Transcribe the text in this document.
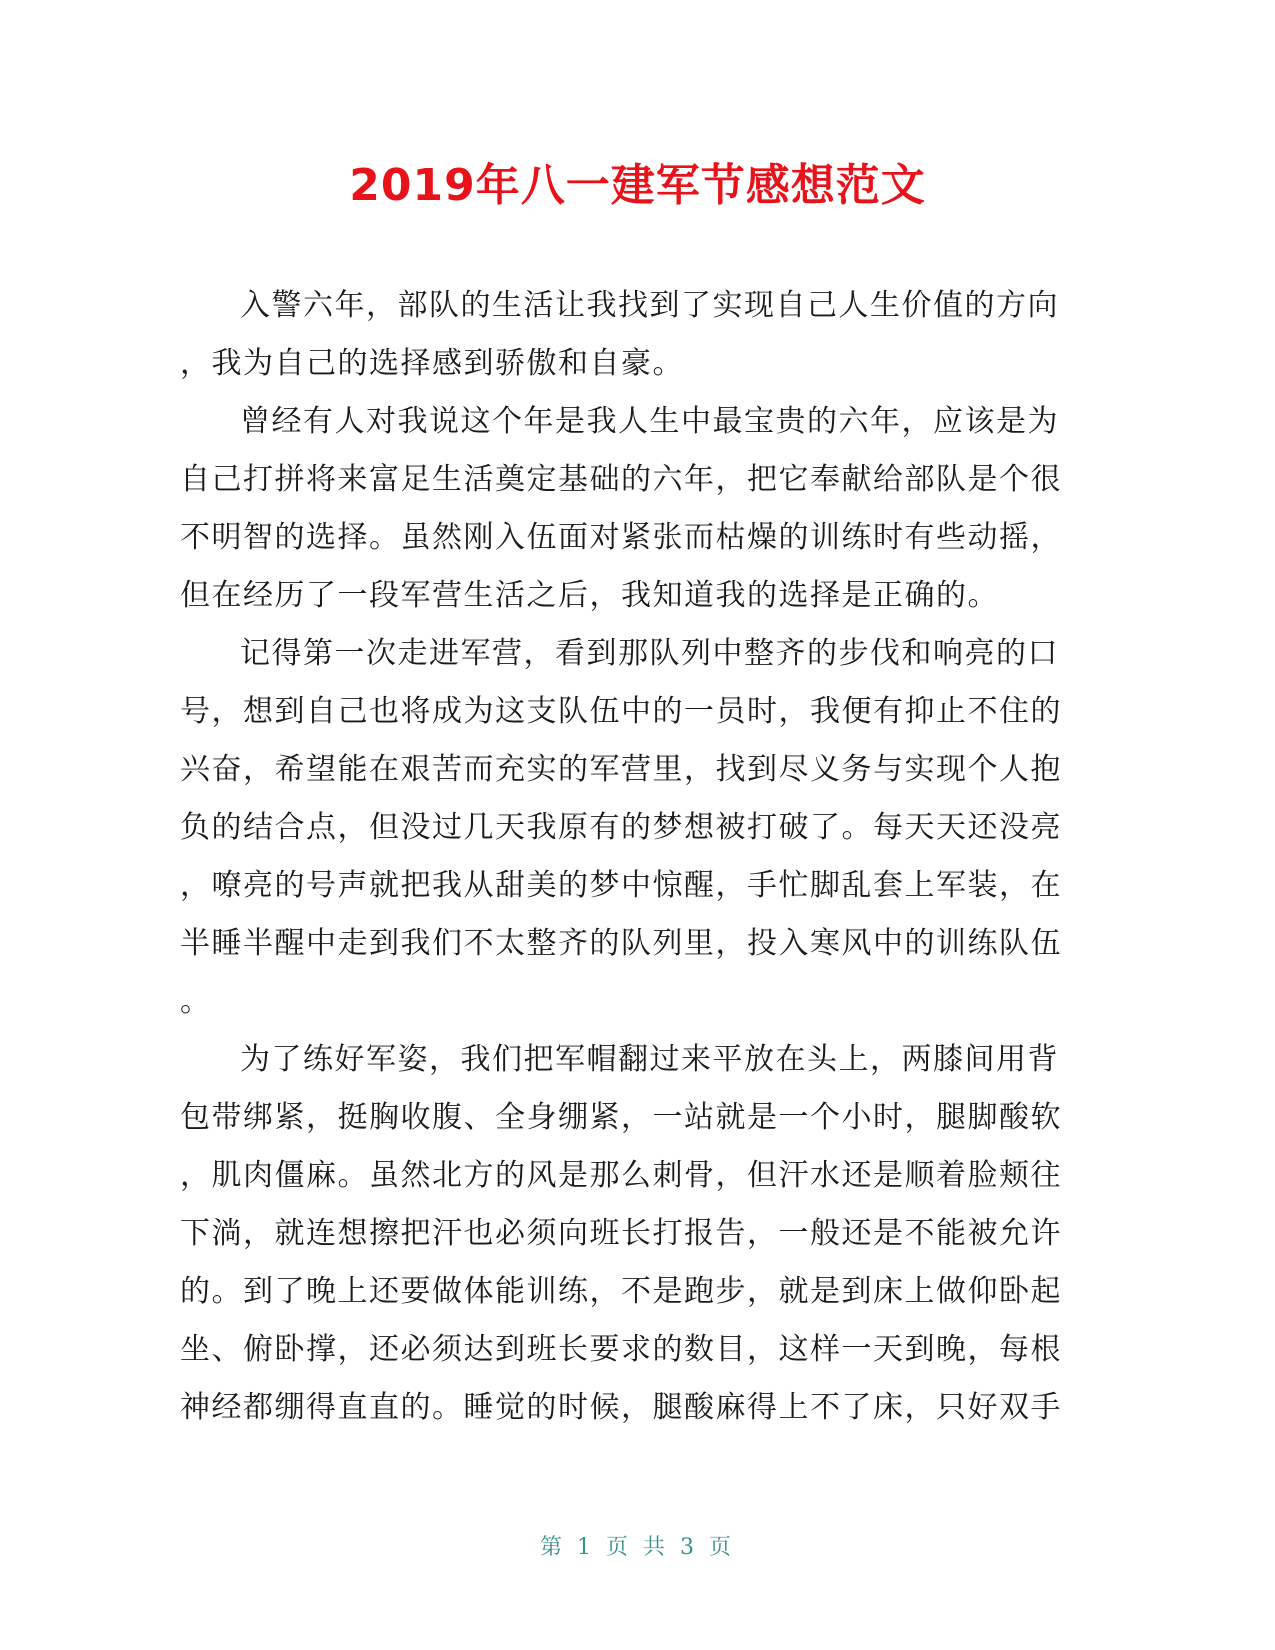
2019年八一建军节感想范文
入警六年，部队的生活让我找到了实现自己人生价值的方向
，我为自己的选择感到骄傲和自豪。
曾经有人对我说这个年是我人生中最宝贵的六年，应该是为
自己打拼将来富足生活奠定基础的六年，把它奉献给部队是个很
不明智的选择。虽然刚入伍面对紧张而枯燥的训练时有些动摇，
但在经历了一段军营生活之后，我知道我的选择是正确的。
记得第一次走进军营，看到那队列中整齐的步伐和响亮的口
号，想到自己也将成为这支队伍中的一员时，我便有抑止不住的
兴奋，希望能在艰苦而充实的军营里，找到尽义务与实现个人抱
负的结合点，但没过几天我原有的梦想被打破了。每天天还没亮
，嘹亮的号声就把我从甜美的梦中惊醒，手忙脚乱套上军装，在
半睡半醒中走到我们不太整齐的队列里，投入寒风中的训练队伍
。
为了练好军姿，我们把军帽翻过来平放在头上，两膝间用背
包带绑紧，挺胸收腹、全身绷紧，一站就是一个小时，腿脚酸软
，肌肉僵麻。虽然北方的风是那么刺骨，但汗水还是顺着脸颊往
下淌，就连想擦把汗也必须向班长打报告，一般还是不能被允许
的。到了晚上还要做体能训练，不是跑步，就是到床上做仰卧起
坐、俯卧撑，还必须达到班长要求的数目，这样一天到晚，每根
神经都绷得直直的。睡觉的时候，腿酸麻得上不了床，只好双手
第 1 页 共 3 页
